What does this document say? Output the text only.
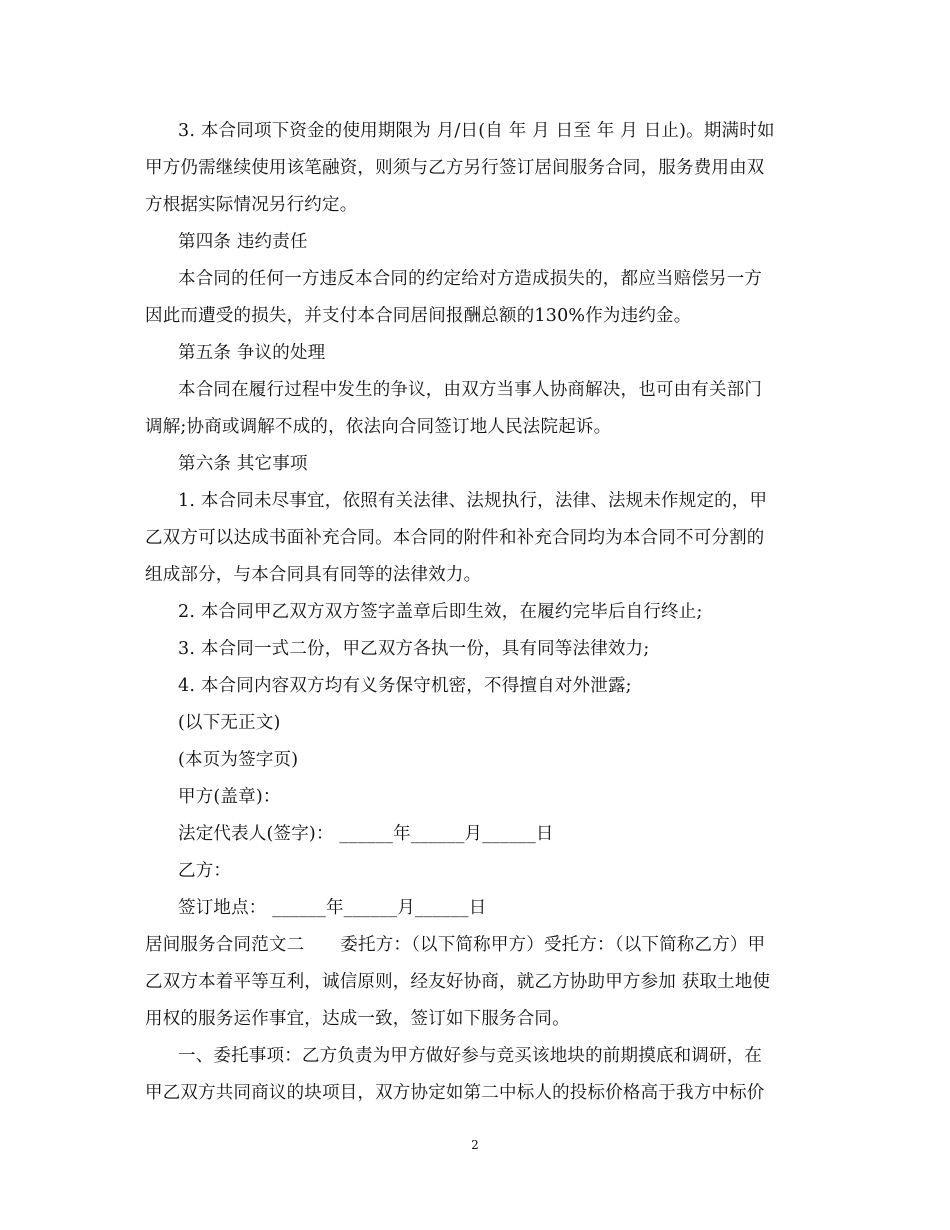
3. 本合同项下资金的使用期限为 月/日(自 年 月 日至 年 月 日止)。期满时如
甲方仍需继续使用该笔融资，则须与乙方另行签订居间服务合同，服务费用由双
方根据实际情况另行约定。
第四条 违约责任
本合同的任何一方违反本合同的约定给对方造成损失的，都应当赔偿另一方
因此而遭受的损失，并支付本合同居间报酬总额的130%作为违约金。
第五条 争议的处理
本合同在履行过程中发生的争议，由双方当事人协商解决，也可由有关部门
调解;协商或调解不成的，依法向合同签订地人民法院起诉。
第六条 其它事项
1. 本合同未尽事宜，依照有关法律、法规执行，法律、法规未作规定的，甲
乙双方可以达成书面补充合同。本合同的附件和补充合同均为本合同不可分割的
组成部分，与本合同具有同等的法律效力。
2. 本合同甲乙双方双方签字盖章后即生效，在履约完毕后自行终止;
3. 本合同一式二份，甲乙双方各执一份，具有同等法律效力;
4. 本合同内容双方均有义务保守机密，不得擅自对外泄露;
(以下无正文)
(本页为签字页)
甲方(盖章)：
法定代表人(签字)： ______年______月______日
乙方：
签订地点： ______年______月______日
居间服务合同范文二 委托方：（以下简称甲方）受托方：（以下简称乙方）甲
乙双方本着平等互利，诚信原则，经友好协商，就乙方协助甲方参加 获取土地使
用权的服务运作事宜，达成一致，签订如下服务合同。
一、委托事项：乙方负责为甲方做好参与竞买该地块的前期摸底和调研，在
甲乙双方共同商议的块项目，双方协定如第二中标人的投标价格高于我方中标价
2
